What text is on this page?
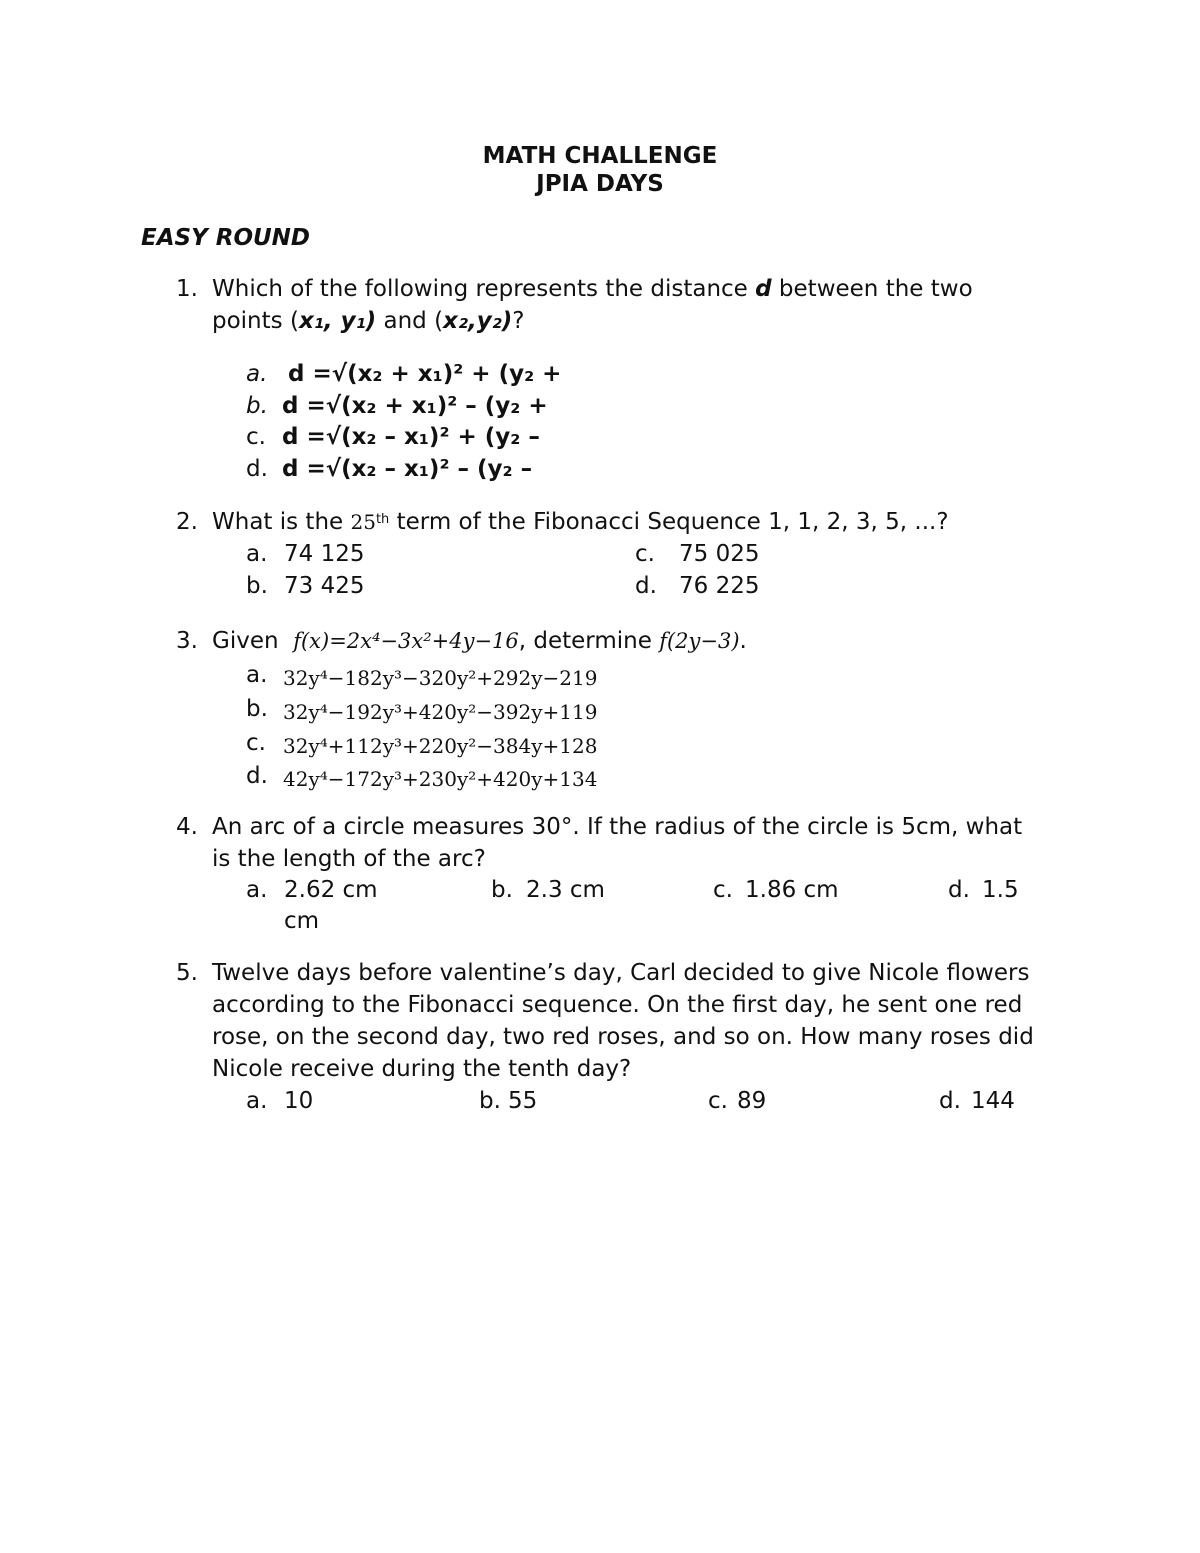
MATH CHALLENGE
JPIA DAYS
EASY ROUND
1. Which of the following represents the distance d between the two
points (x₁, y₁) and (x₂,y₂)?
a. d =√(x₂ + x₁)² + (y₂ +
b. d =√(x₂ + x₁)² – (y₂ +
c. d =√(x₂ – x₁)² + (y₂ –
d. d =√(x₂ – x₁)² – (y₂ –
2. What is the 25th term of the Fibonacci Sequence 1, 1, 2, 3, 5, ...?
a. 74 125	c. 75 025
b. 73 425	d. 76 225
3. Given f(x)=2x⁴−3x²+4y−16, determine f(2y−3).
a. 32y⁴−182y³−320y²+292y−219
b. 32y⁴−192y³+420y²−392y+119
c. 32y⁴+112y³+220y²−384y+128
d. 42y⁴−172y³+230y²+420y+134
4. An arc of a circle measures 30°. If the radius of the circle is 5cm, what
is the length of the arc?
a. 2.62 cm	b. 2.3 cm	c. 1.86 cm	d. 1.5
cm
5. Twelve days before valentine’s day, Carl decided to give Nicole flowers
according to the Fibonacci sequence. On the first day, he sent one red
rose, on the second day, two red roses, and so on. How many roses did
Nicole receive during the tenth day?
a. 10	b. 55	c. 89	d. 144
